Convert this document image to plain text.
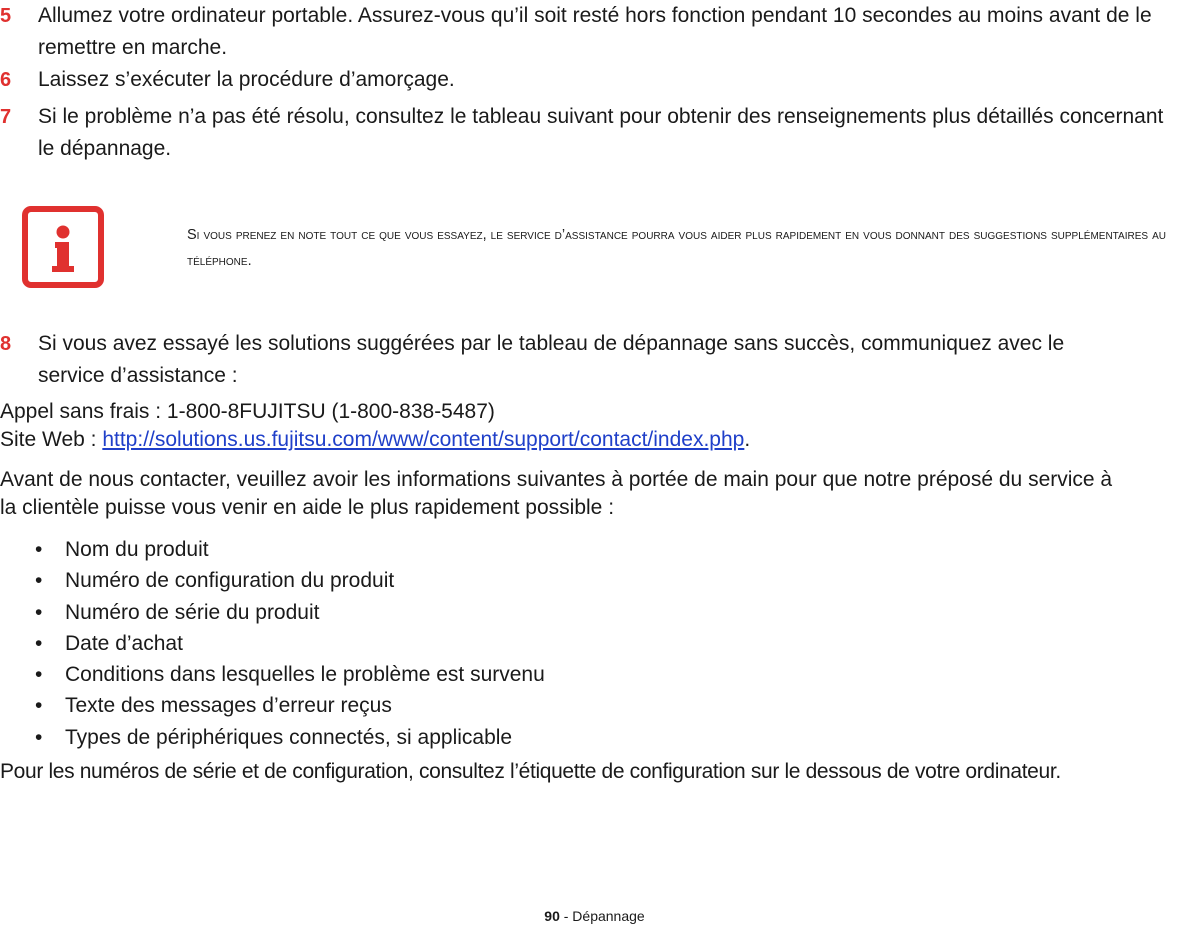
5	Allumez votre ordinateur portable. Assurez-vous qu’il soit resté hors fonction pendant 10 secondes au moins avant de le remettre en marche.
6	Laissez s’exécuter la procédure d’amorçage.
7	Si le problème n’a pas été résolu, consultez le tableau suivant pour obtenir des renseignements plus détaillés concernant le dépannage.
Si vous prenez en note tout ce que vous essayez, le service d’assistance pourra vous aider plus rapidement en vous donnant des suggestions supplémentaires au téléphone.
8	Si vous avez essayé les solutions suggérées par le tableau de dépannage sans succès, communiquez avec le service d’assistance :
Appel sans frais : 1-800-8FUJITSU (1-800-838-5487)
Site Web : http://solutions.us.fujitsu.com/www/content/support/contact/index.php.
Avant de nous contacter, veuillez avoir les informations suivantes à portée de main pour que notre préposé du service à la clientèle puisse vous venir en aide le plus rapidement possible :
• Nom du produit
• Numéro de configuration du produit
• Numéro de série du produit
• Date d’achat
• Conditions dans lesquelles le problème est survenu
• Texte des messages d’erreur reçus
• Types de périphériques connectés, si applicable
Pour les numéros de série et de configuration, consultez l’étiquette de configuration sur le dessous de votre ordinateur.
90 - Dépannage
